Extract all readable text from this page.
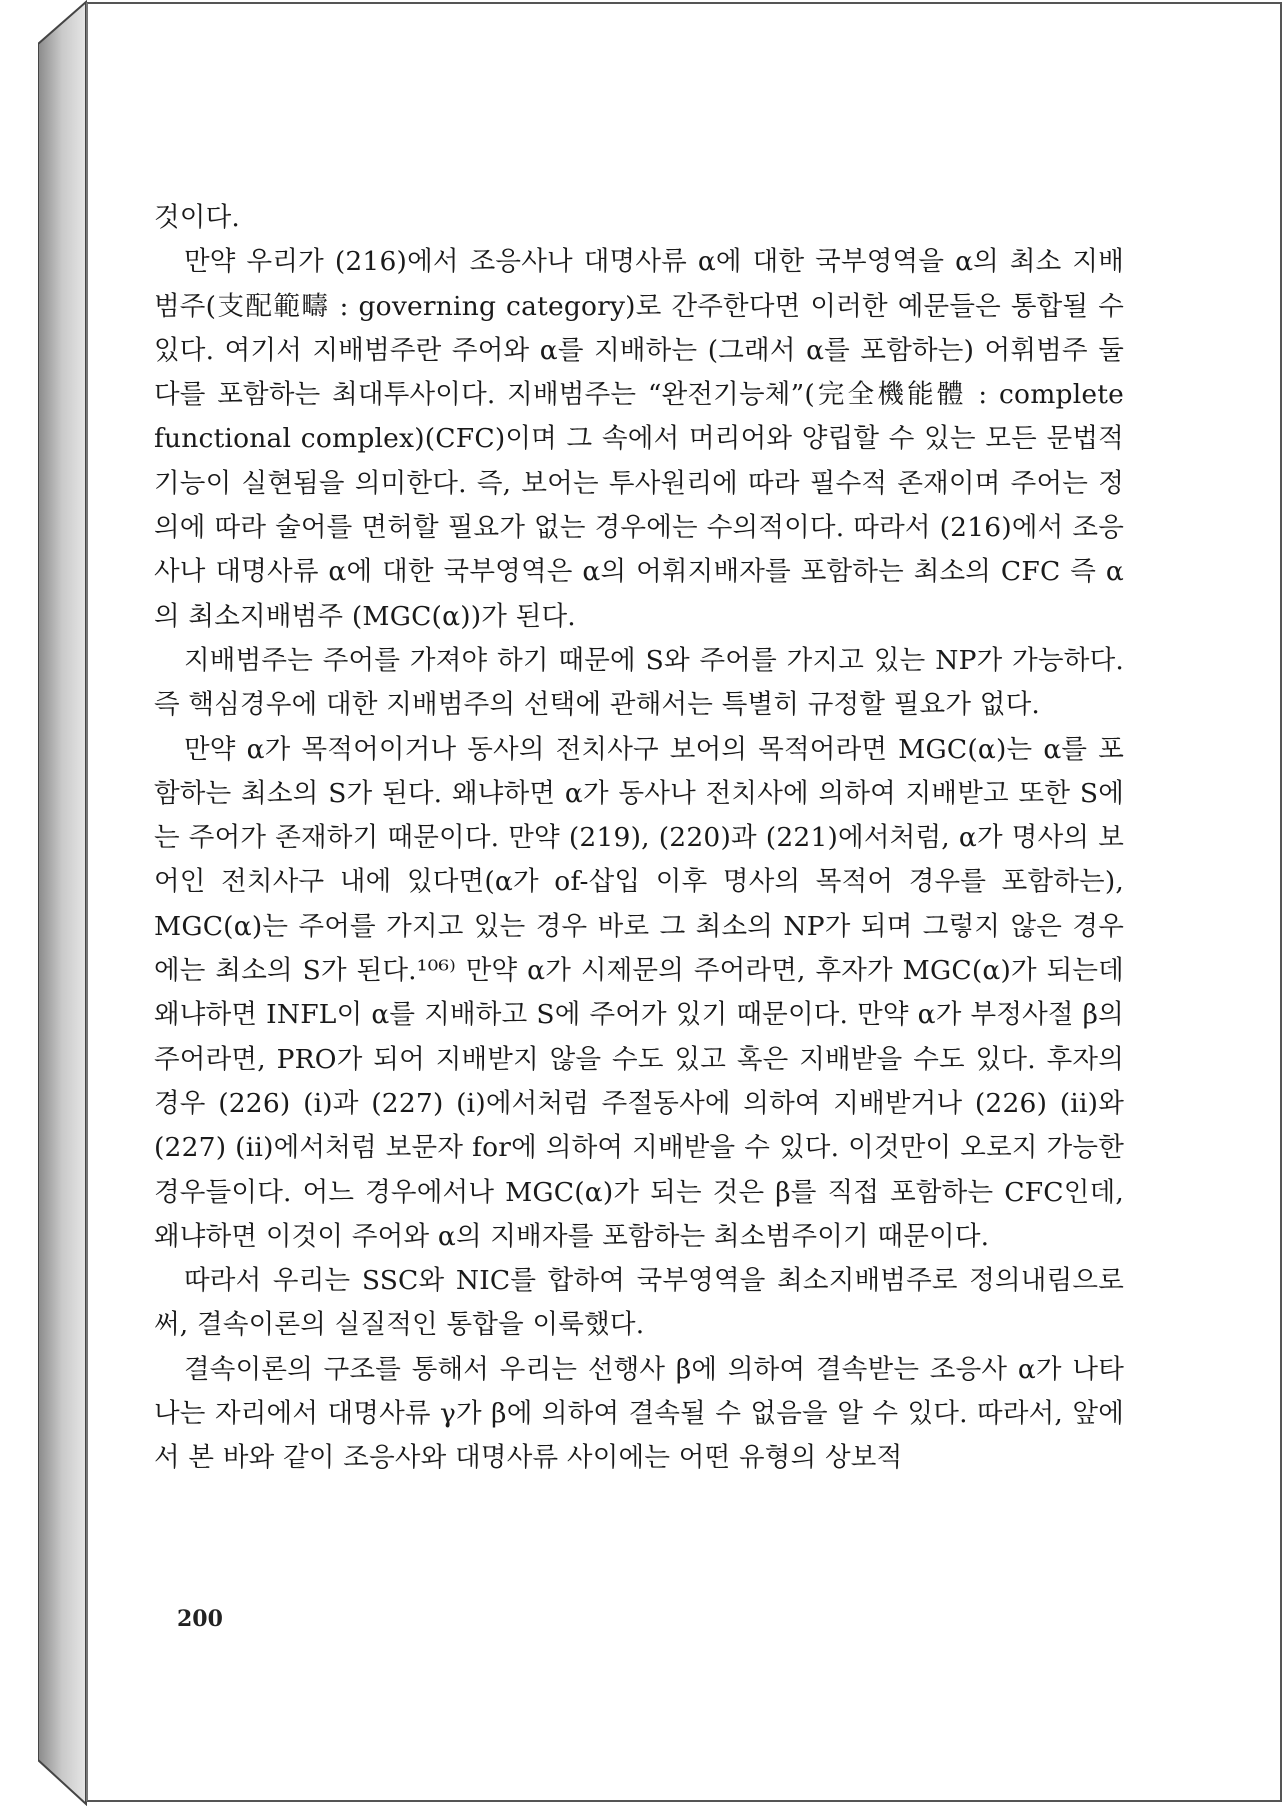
것이다.

만약 우리가 (216)에서 조응사나 대명사류 α에 대한 국부영역을 α의 최소 지배범주(支配範疇 : governing category)로 간주한다면 이러한 예문들은 통합될 수 있다. 여기서 지배범주란 주어와 α를 지배하는 (그래서 α를 포함하는) 어휘범주 둘 다를 포함하는 최대투사이다. 지배범주는 “완전기능체”(完全機能體 : complete functional complex)(CFC)이며 그 속에서 머리어와 양립할 수 있는 모든 문법적 기능이 실현됨을 의미한다. 즉, 보어는 투사원리에 따라 필수적 존재이며 주어는 정의에 따라 술어를 면허할 필요가 없는 경우에는 수의적이다. 따라서 (216)에서 조응사나 대명사류 α에 대한 국부영역은 α의 어휘지배자를 포함하는 최소의 CFC 즉 α의 최소지배범주 (MGC(α))가 된다.

지배범주는 주어를 가져야 하기 때문에 S와 주어를 가지고 있는 NP가 가능하다. 즉 핵심경우에 대한 지배범주의 선택에 관해서는 특별히 규정할 필요가 없다.

만약 α가 목적어이거나 동사의 전치사구 보어의 목적어라면 MGC(α)는 α를 포함하는 최소의 S가 된다. 왜냐하면 α가 동사나 전치사에 의하여 지배받고 또한 S에는 주어가 존재하기 때문이다. 만약 (219), (220)과 (221)에서처럼, α가 명사의 보어인 전치사구 내에 있다면(α가 of-삽입 이후 명사의 목적어 경우를 포함하는), MGC(α)는 주어를 가지고 있는 경우 바로 그 최소의 NP가 되며 그렇지 않은 경우에는 최소의 S가 된다.¹⁰⁶⁾ 만약 α가 시제문의 주어라면, 후자가 MGC(α)가 되는데 왜냐하면 INFL이 α를 지배하고 S에 주어가 있기 때문이다. 만약 α가 부정사절 β의 주어라면, PRO가 되어 지배받지 않을 수도 있고 혹은 지배받을 수도 있다. 후자의 경우 (226) (i)과 (227) (i)에서처럼 주절동사에 의하여 지배받거나 (226) (ii)와 (227) (ii)에서처럼 보문자 for에 의하여 지배받을 수 있다. 이것만이 오로지 가능한 경우들이다. 어느 경우에서나 MGC(α)가 되는 것은 β를 직접 포함하는 CFC인데, 왜냐하면 이것이 주어와 α의 지배자를 포함하는 최소범주이기 때문이다.

따라서 우리는 SSC와 NIC를 합하여 국부영역을 최소지배범주로 정의내림으로써, 결속이론의 실질적인 통합을 이룩했다.

결속이론의 구조를 통해서 우리는 선행사 β에 의하여 결속받는 조응사 α가 나타나는 자리에서 대명사류 γ가 β에 의하여 결속될 수 없음을 알 수 있다. 따라서, 앞에서 본 바와 같이 조응사와 대명사류 사이에는 어떤 유형의 상보적

200
